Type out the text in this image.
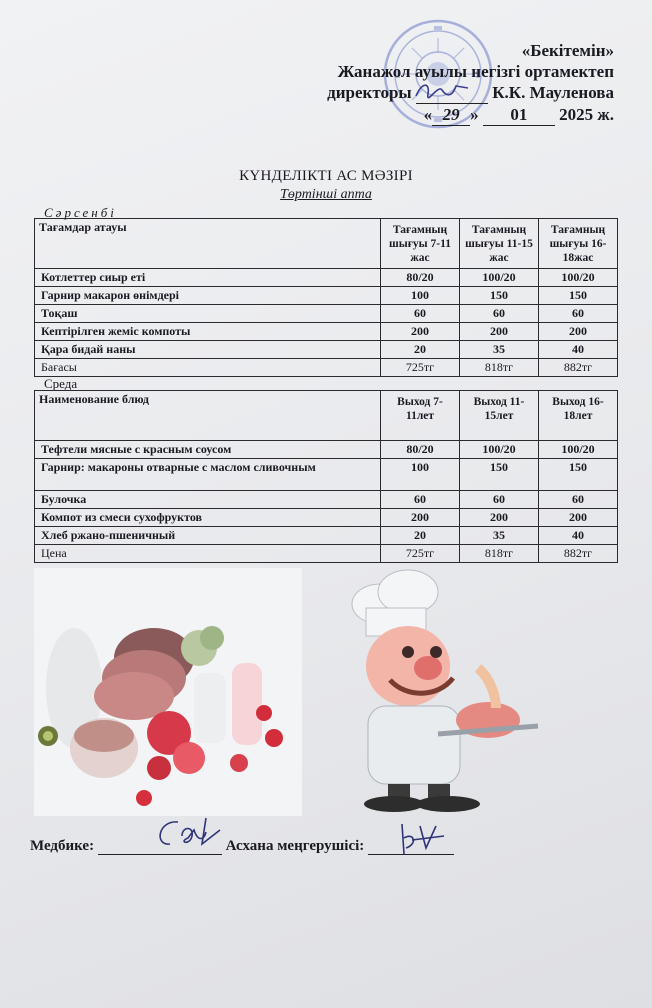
«Бекітемін»
Жанажол ауылы негізгі ортамектеп
директоры	К.К. Мауленова
« 29 » 01 2025 ж.
КҮНДЕЛІКТІ АС МӘЗІРІ
Төртінші апта
Сәрсенбі
Тағамдар атауы	Тағамның шығуы 7-11 жас	Тағамның шығуы 11-15 жас	Тағамның шығуы 16-18жас
Котлеттер сиыр еті	80/20	100/20	100/20
Гарнир макарон өнімдері	100	150	150
Тоқаш	60	60	60
Кептірілген жеміс компоты	200	200	200
Қара бидай наны	20	35	40
Бағасы	725тг	818тг	882тг
Среда
Наименование блюд	Выход 7-11лет	Выход 11-15лет	Выход 16-18лет
Тефтели мясные с красным соусом	80/20	100/20	100/20
Гарнир: макароны отварные с маслом сливочным	100	150	150
Булочка	60	60	60
Компот из смеси сухофруктов	200	200	200
Хлеб ржано-пшеничный	20	35	40
Цена	725тг	818тг	882тг
Медбике:	Асхана меңгерушісі:
